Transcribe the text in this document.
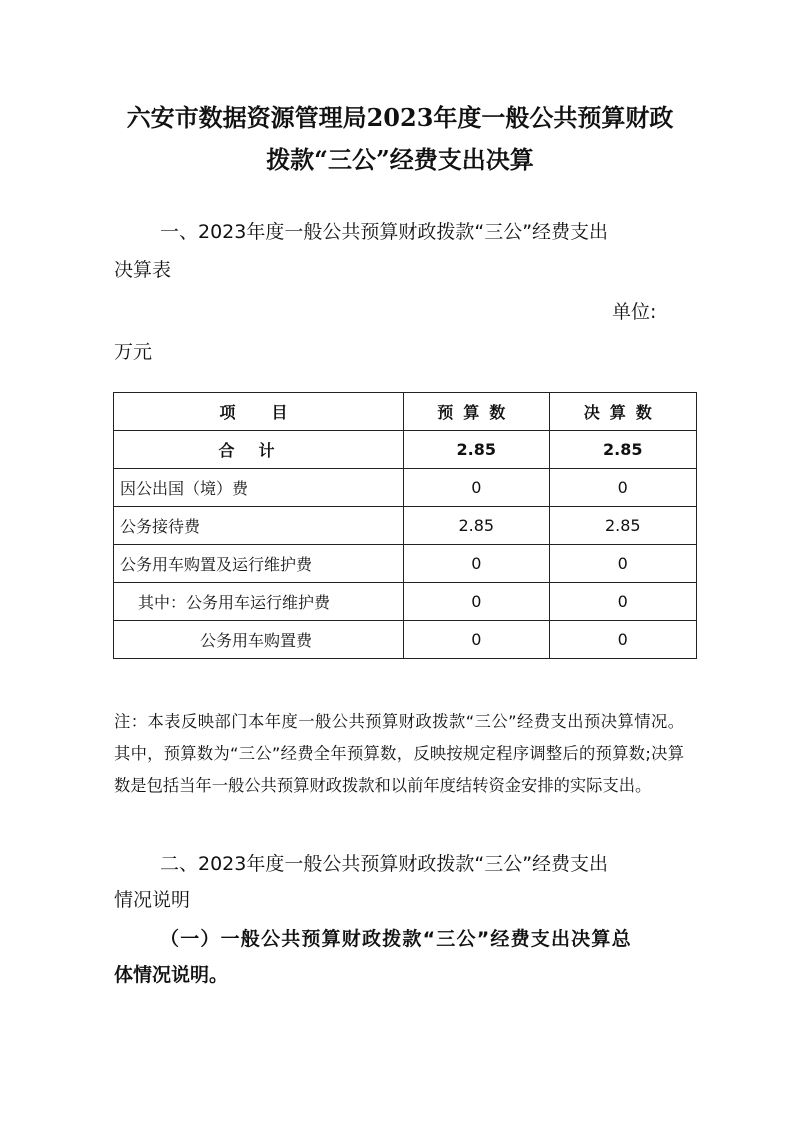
六安市数据资源管理局2023年度一般公共预算财政
拨款“三公”经费支出决算
一、2023年度一般公共预算财政拨款“三公”经费支出
决算表
单位:
万元
项　目	预算数	决算数
合计	2.85	2.85
因公出国（境）费	0	0
公务接待费	2.85	2.85
公务用车购置及运行维护费	0	0
其中：公务用车运行维护费	0	0
公务用车购置费	0	0
注：本表反映部门本年度一般公共预算财政拨款“三公”经费支出预决算情况。其中，预算数为“三公”经费全年预算数，反映按规定程序调整后的预算数;决算数是包括当年一般公共预算财政拨款和以前年度结转资金安排的实际支出。
二、2023年度一般公共预算财政拨款“三公”经费支出
情况说明
（一）一般公共预算财政拨款“三公”经费支出决算总
体情况说明。
